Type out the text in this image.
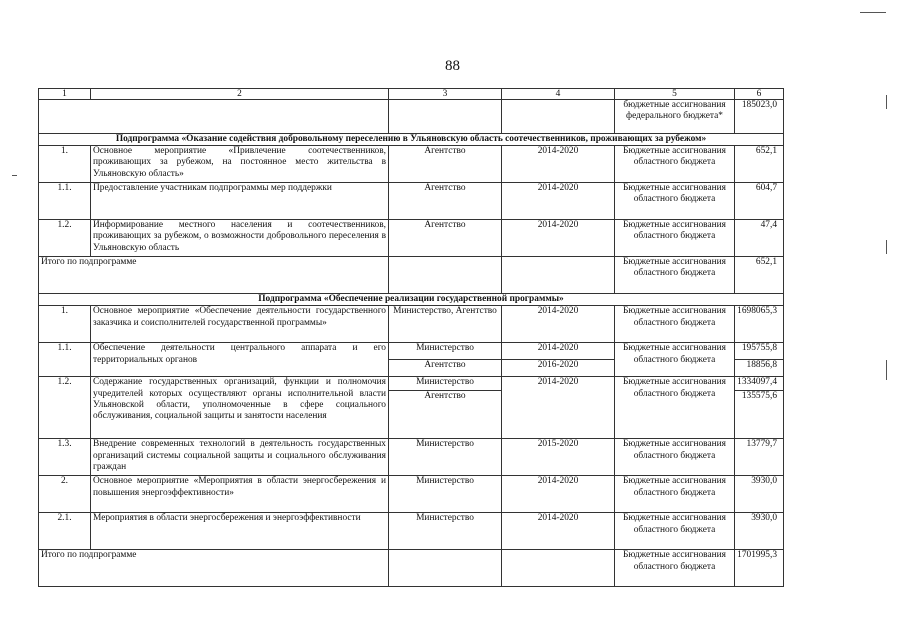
88
1	2	3	4	5	6
				бюджетные ассигнования федерального бюджета*	185023,0
Подпрограмма «Оказание содействия добровольному переселению в Ульяновскую область соотечественников, проживающих за рубежом»					
1.	Основное мероприятие «Привлечение соотечественников, проживающих за рубежом, на постоянное место жительства в Ульяновскую область»	Агентство	2014-2020	Бюджетные ассигнования областного бюджета	652,1
1.1.	Предоставление участникам подпрограммы мер поддержки	Агентство	2014-2020	Бюджетные ассигнования областного бюджета	604,7
1.2.	Информирование местного населения и соотечественников, проживающих за рубежом, о возможности добровольного переселения в Ульяновскую область	Агентство	2014-2020	Бюджетные ассигнования областного бюджета	47,4
Итого по подпрограмме				Бюджетные ассигнования областного бюджета	652,1
Подпрограмма «Обеспечение реализации государственной программы»					
1.	Основное мероприятие «Обеспечение деятельности государственного заказчика и соисполнителей государственной программы»	Министерство, Агентство	2014-2020	Бюджетные ассигнования областного бюджета	1698065,3
1.1.	Обеспечение деятельности центрального аппарата и его территориальных органов	Министерство	2014-2020	Бюджетные ассигнования областного бюджета	195755,8
		Агентство	2016-2020		18856,8
1.2.	Содержание государственных организаций, функции и полномочия учредителей которых осуществляют органы исполнительной власти Ульяновской области, уполномоченные в сфере социального обслуживания, социальной защиты и занятости населения	Министерство	2014-2020	Бюджетные ассигнования областного бюджета	1334097,4
		Агентство			135575,6
1.3.	Внедрение современных технологий в деятельность государственных организаций системы социальной защиты и социального обслуживания граждан	Министерство	2015-2020	Бюджетные ассигнования областного бюджета	13779,7
2.	Основное мероприятие «Мероприятия в области энергосбережения и повышения энергоэффективности»	Министерство	2014-2020	Бюджетные ассигнования областного бюджета	3930,0
2.1.	Мероприятия в области энергосбережения и энергоэффективности	Министерство	2014-2020	Бюджетные ассигнования областного бюджета	3930,0
Итого по подпрограмме				Бюджетные ассигнования областного бюджета	1701995,3
